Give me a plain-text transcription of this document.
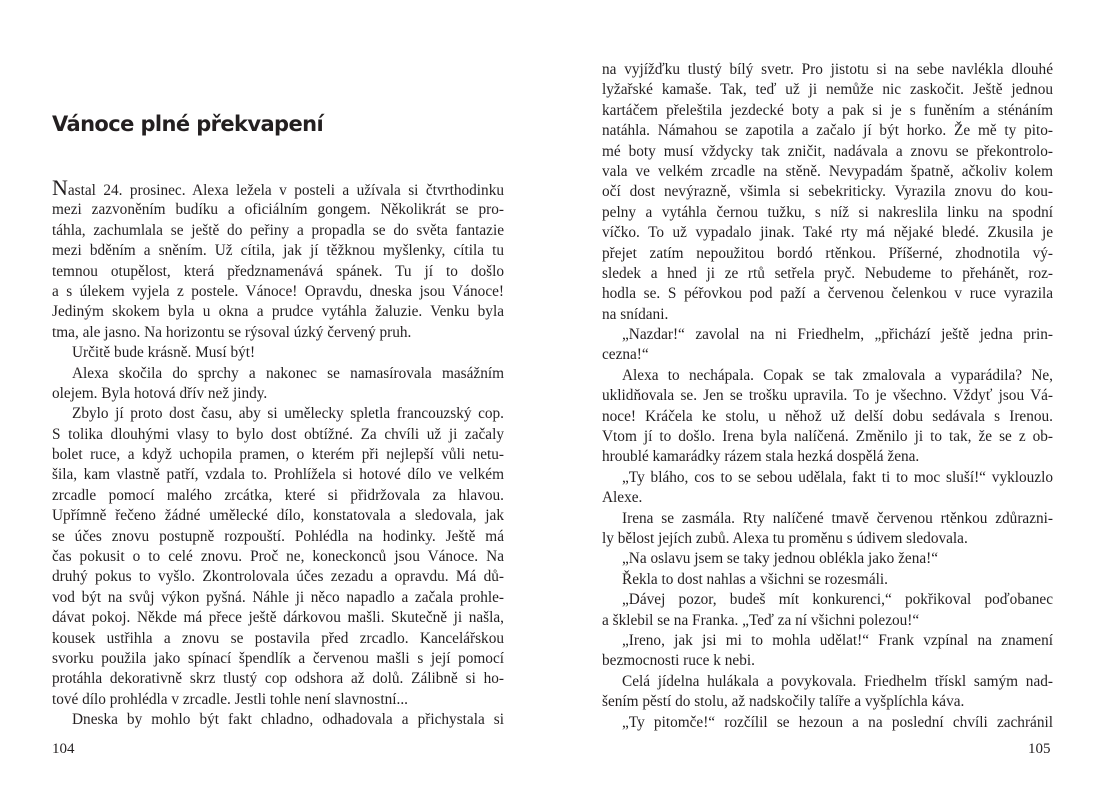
Vánoce plné překvapení
Nastal 24. prosinec. Alexa ležela v posteli a užívala si čtvrthodinku
mezi zazvoněním budíku a oficiálním gongem. Několikrát se pro-
táhla, zachumlala se ještě do peřiny a propadla se do světa fantazie
mezi bděním a sněním. Už cítila, jak jí těžknou myšlenky, cítila tu
temnou otupělost, která předznamenává spánek. Tu jí to došlo
a s úlekem vyjela z postele. Vánoce! Opravdu, dneska jsou Vánoce!
Jediným skokem byla u okna a prudce vytáhla žaluzie. Venku byla
tma, ale jasno. Na horizontu se rýsoval úzký červený pruh.
Určitě bude krásně. Musí být!
Alexa skočila do sprchy a nakonec se namasírovala masážním
olejem. Byla hotová dřív než jindy.
Zbylo jí proto dost času, aby si umělecky spletla francouzský cop.
S tolika dlouhými vlasy to bylo dost obtížné. Za chvíli už ji začaly
bolet ruce, a když uchopila pramen, o kterém při nejlepší vůli netu-
šila, kam vlastně patří, vzdala to. Prohlížela si hotové dílo ve velkém
zrcadle pomocí malého zrcátka, které si přidržovala za hlavou.
Upřímně řečeno žádné umělecké dílo, konstatovala a sledovala, jak
se účes znovu postupně rozpouští. Pohlédla na hodinky. Ještě má
čas pokusit o to celé znovu. Proč ne, koneckonců jsou Vánoce. Na
druhý pokus to vyšlo. Zkontrolovala účes zezadu a opravdu. Má dů-
vod být na svůj výkon pyšná. Náhle ji něco napadlo a začala prohle-
dávat pokoj. Někde má přece ještě dárkovou mašli. Skutečně ji našla,
kousek ustřihla a znovu se postavila před zrcadlo. Kancelářskou
svorku použila jako spínací špendlík a červenou mašli s její pomocí
protáhla dekorativně skrz tlustý cop odshora až dolů. Zálibně si ho-
tové dílo prohlédla v zrcadle. Jestli tohle není slavnostní...
Dneska by mohlo být fakt chladno, odhadovala a přichystala si
104
na vyjížďku tlustý bílý svetr. Pro jistotu si na sebe navlékla dlouhé
lyžařské kamaše. Tak, teď už ji nemůže nic zaskočit. Ještě jednou
kartáčem přeleštila jezdecké boty a pak si je s funěním a sténáním
natáhla. Námahou se zapotila a začalo jí být horko. Že mě ty pito-
mé boty musí vždycky tak zničit, nadávala a znovu se překontrolo-
vala ve velkém zrcadle na stěně. Nevypadám špatně, ačkoliv kolem
očí dost nevýrazně, všimla si sebekriticky. Vyrazila znovu do kou-
pelny a vytáhla černou tužku, s níž si nakreslila linku na spodní
víčko. To už vypadalo jinak. Také rty má nějaké bledé. Zkusila je
přejet zatím nepoužitou bordó rtěnkou. Příšerné, zhodnotila vý-
sledek a hned ji ze rtů setřela pryč. Nebudeme to přehánět, roz-
hodla se. S péřovkou pod paží a červenou čelenkou v ruce vyrazila
na snídani.
„Nazdar!“ zavolal na ni Friedhelm, „přichází ještě jedna prin-
cezna!“
Alexa to nechápala. Copak se tak zmalovala a vyparádila? Ne,
uklidňovala se. Jen se trošku upravila. To je všechno. Vždyť jsou Vá-
noce! Kráčela ke stolu, u něhož už delší dobu sedávala s Irenou.
Vtom jí to došlo. Irena byla nalíčená. Změnilo ji to tak, že se z ob-
hroublé kamarádky rázem stala hezká dospělá žena.
„Ty bláho, cos to se sebou udělala, fakt ti to moc sluší!“ vyklouzlo
Alexe.
Irena se zasmála. Rty nalíčené tmavě červenou rtěnkou zdůrazni-
ly bělost jejích zubů. Alexa tu proměnu s údivem sledovala.
„Na oslavu jsem se taky jednou oblékla jako žena!“
Řekla to dost nahlas a všichni se rozesmáli.
„Dávej pozor, budeš mít konkurenci,“ pokřikoval poďobanec
a šklebil se na Franka. „Teď za ní všichni polezou!“
„Ireno, jak jsi mi to mohla udělat!“ Frank vzpínal na znamení
bezmocnosti ruce k nebi.
Celá jídelna hulákala a povykovala. Friedhelm třískl samým nad-
šením pěstí do stolu, až nadskočily talíře a vyšplíchla káva.
„Ty pitomče!“ rozčílil se hezoun a na poslední chvíli zachránil
105
